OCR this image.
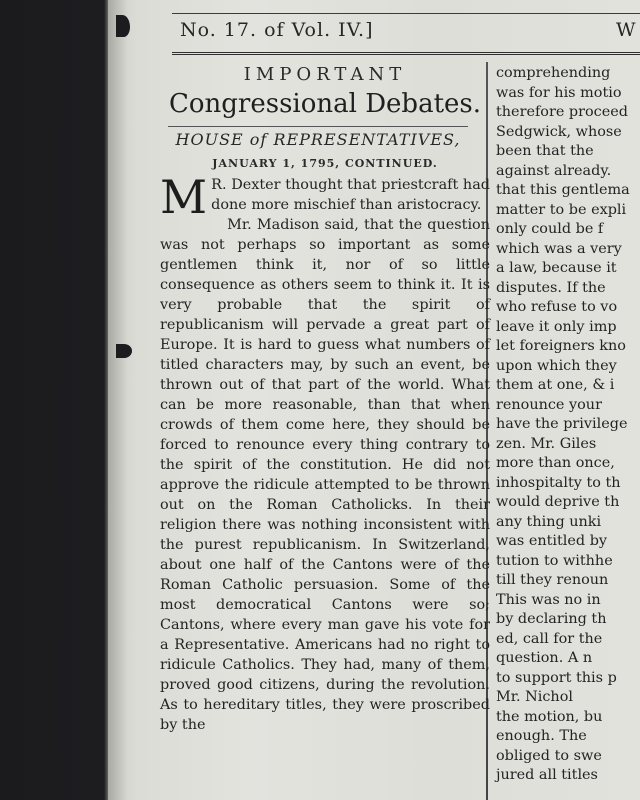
No. 17. of Vol. IV.]	W
IMPORTANT
Congressional Debates.
HOUSE of REPRESENTATIVES,
JANUARY 1, 1795, CONTINUED.

M R. Dexter thought that priestcraft had done more mischief than aristocracy.

Mr. Madison said, that the question was not perhaps so important as some gentlemen think it, nor of so little consequence as others seem to think it. It is very probable that the spirit of republicanism will pervade a great part of Europe. It is hard to guess what numbers of titled characters may, by such an event, be thrown out of that part of the world. What can be more reasonable, than that when crowds of them come here, they should be forced to renounce every thing contrary to the spirit of the constitution. He did not approve the ridicule attempted to be thrown out on the Roman Catholicks. In their religion there was nothing inconsistent with the purest republicanism. In Switzerland, about one half of the Cantons were of the Roman Catholic persuasion. Some of the most democratical Cantons were so; Cantons, where every man gave his vote for a Representative. Americans had no right to ridicule Catholics. They had, many of them, proved good citizens, during the revolution. As to hereditary titles, they were proscribed by the

comprehending

was for his motio

therefore proceed

Sedgwick, whose

been that the

against already.

that this gentlema

matter to be expli

only could be f

which was a very

a law, because it

disputes. If the

who refuse to vo

leave it only imp

let foreigners kno

upon which they

them at one, & i

renounce your

have the privilege

zen. Mr. Giles

more than once,

inhospitalty to th

would deprive th

any thing unki

was entitled by

tution to withhe

till they renoun

This was no in

by declaring th

ed, call for the

question. A n

to support this p

Mr. Nichol

the motion, bu

enough. The

obliged to swe

jured all titles
